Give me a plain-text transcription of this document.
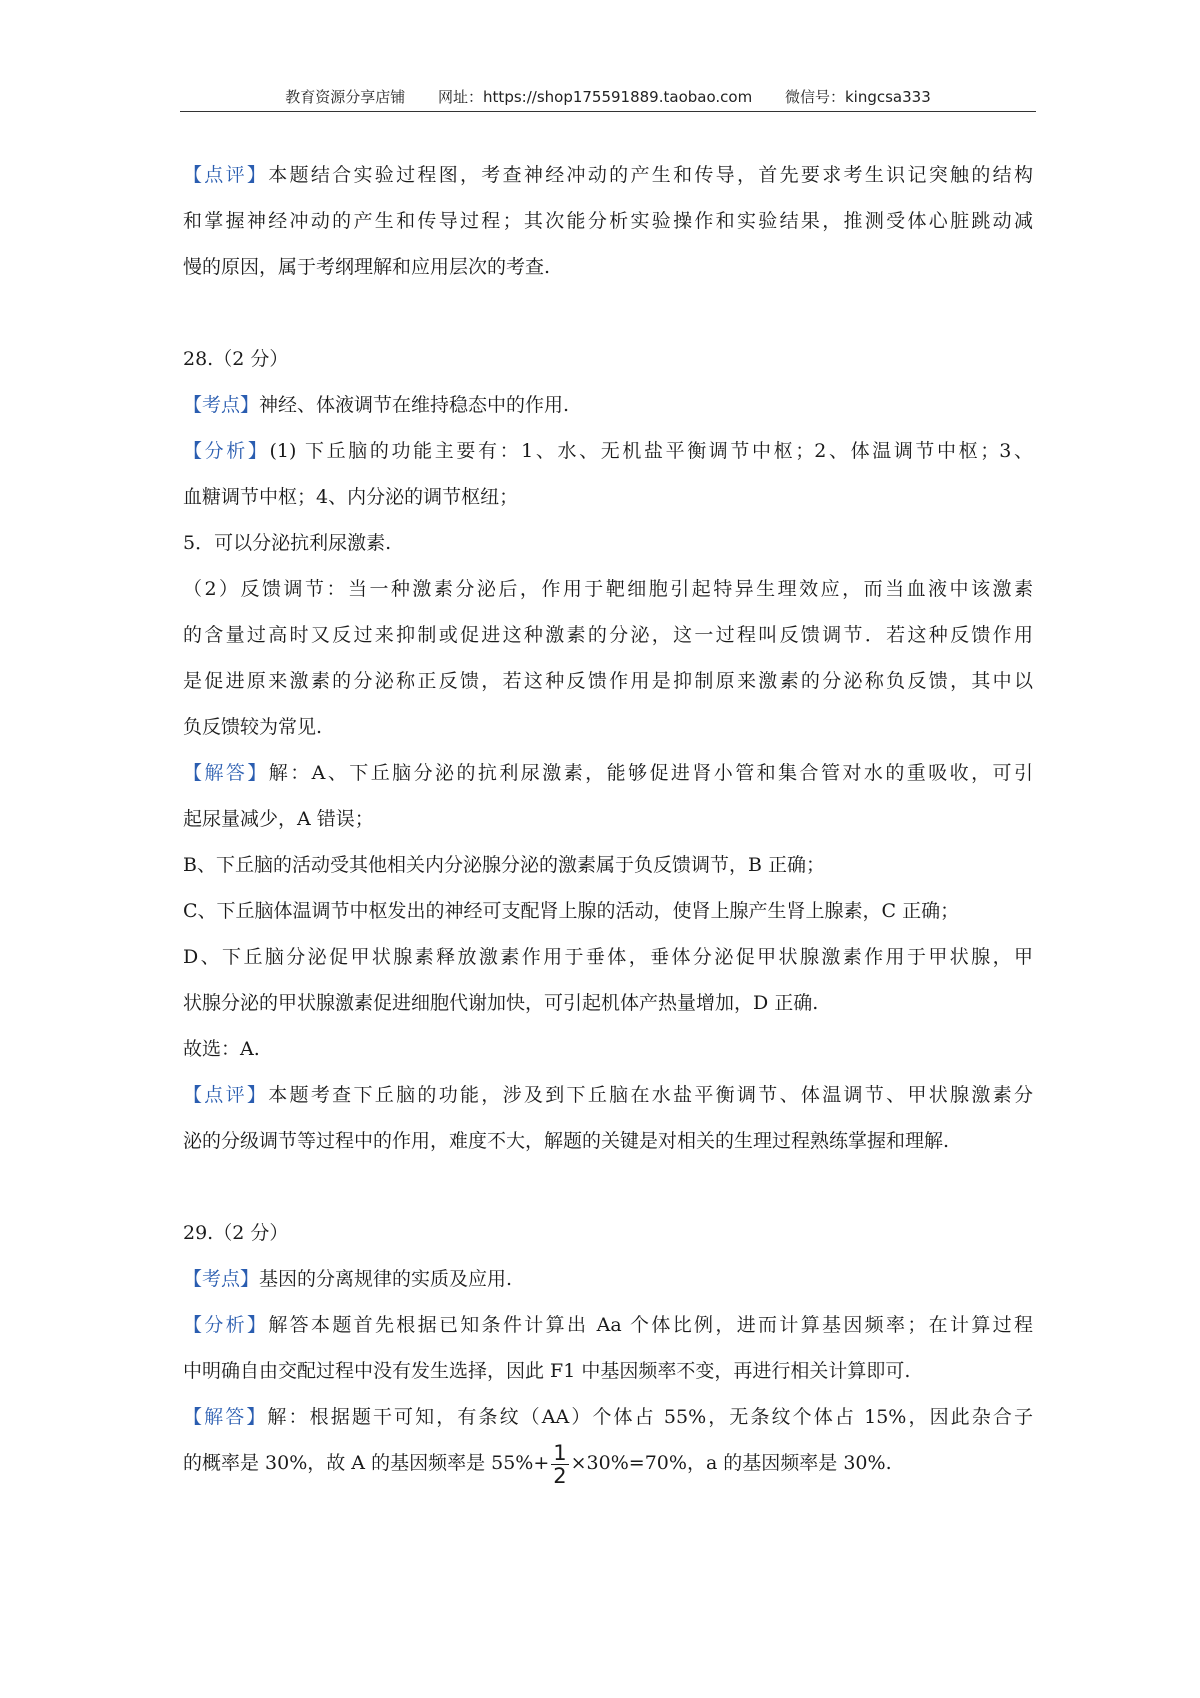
教育资源分享店铺 网址：https://shop175591889.taobao.com 微信号：kingcsa333
【点评】本题结合实验过程图，考查神经冲动的产生和传导，首先要求考生识记突触的结构
和掌握神经冲动的产生和传导过程；其次能分析实验操作和实验结果，推测受体心脏跳动减
慢的原因，属于考纲理解和应用层次的考查.
28.（2 分）
【考点】神经、体液调节在维持稳态中的作用.
【分析】(1) 下丘脑的功能主要有：1、水、无机盐平衡调节中枢；2、体温调节中枢；3、
血糖调节中枢；4、内分泌的调节枢纽；
5．可以分泌抗利尿激素.
（2）反馈调节：当一种激素分泌后，作用于靶细胞引起特异生理效应，而当血液中该激素
的含量过高时又反过来抑制或促进这种激素的分泌，这一过程叫反馈调节．若这种反馈作用
是促进原来激素的分泌称正反馈，若这种反馈作用是抑制原来激素的分泌称负反馈，其中以
负反馈较为常见.
【解答】解：A、下丘脑分泌的抗利尿激素，能够促进肾小管和集合管对水的重吸收，可引
起尿量减少，A 错误；
B、下丘脑的活动受其他相关内分泌腺分泌的激素属于负反馈调节，B 正确；
C、下丘脑体温调节中枢发出的神经可支配肾上腺的活动，使肾上腺产生肾上腺素，C 正确；
D、下丘脑分泌促甲状腺素释放激素作用于垂体，垂体分泌促甲状腺激素作用于甲状腺，甲
状腺分泌的甲状腺激素促进细胞代谢加快，可引起机体产热量增加，D 正确.
故选：A.
【点评】本题考查下丘脑的功能，涉及到下丘脑在水盐平衡调节、体温调节、甲状腺激素分
泌的分级调节等过程中的作用，难度不大，解题的关键是对相关的生理过程熟练掌握和理解.
29.（2 分）
【考点】基因的分离规律的实质及应用.
【分析】解答本题首先根据已知条件计算出 Aa 个体比例，进而计算基因频率；在计算过程
中明确自由交配过程中没有发生选择，因此 F1 中基因频率不变，再进行相关计算即可.
【解答】解：根据题干可知，有条纹（AA）个体占 55%，无条纹个体占 15%，因此杂合子
的概率是 30%，故 A 的基因频率是 $55\%+ \frac{1}{2} \times 30\%=70\%$，a 的基因频率是 30%.
